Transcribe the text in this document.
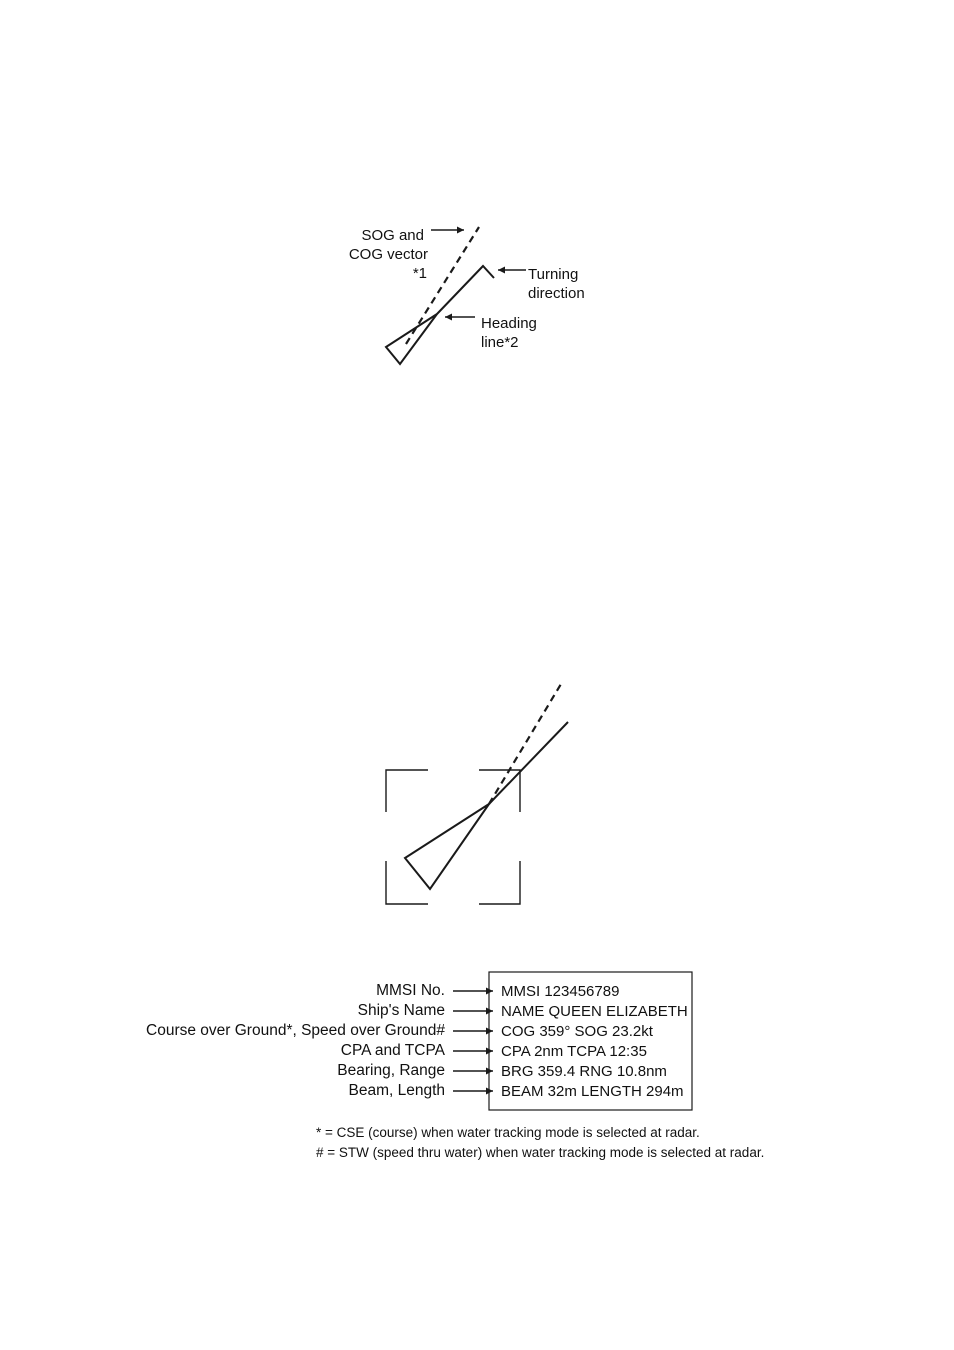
SOG and
COG vector
*1	Turning
direction
Heading
line*2
MMSI No.
Ship's Name
Course over Ground*, Speed over Ground#
CPA and TCPA
Bearing, Range
Beam, Length
MMSI 123456789
NAME QUEEN ELIZABETH
COG 359° SOG 23.2kt
CPA 2nm TCPA 12:35
BRG 359.4 RNG 10.8nm
BEAM 32m LENGTH 294m
* = CSE (course) when water tracking mode is selected at radar.
# = STW (speed thru water) when water tracking mode is selected at radar.
